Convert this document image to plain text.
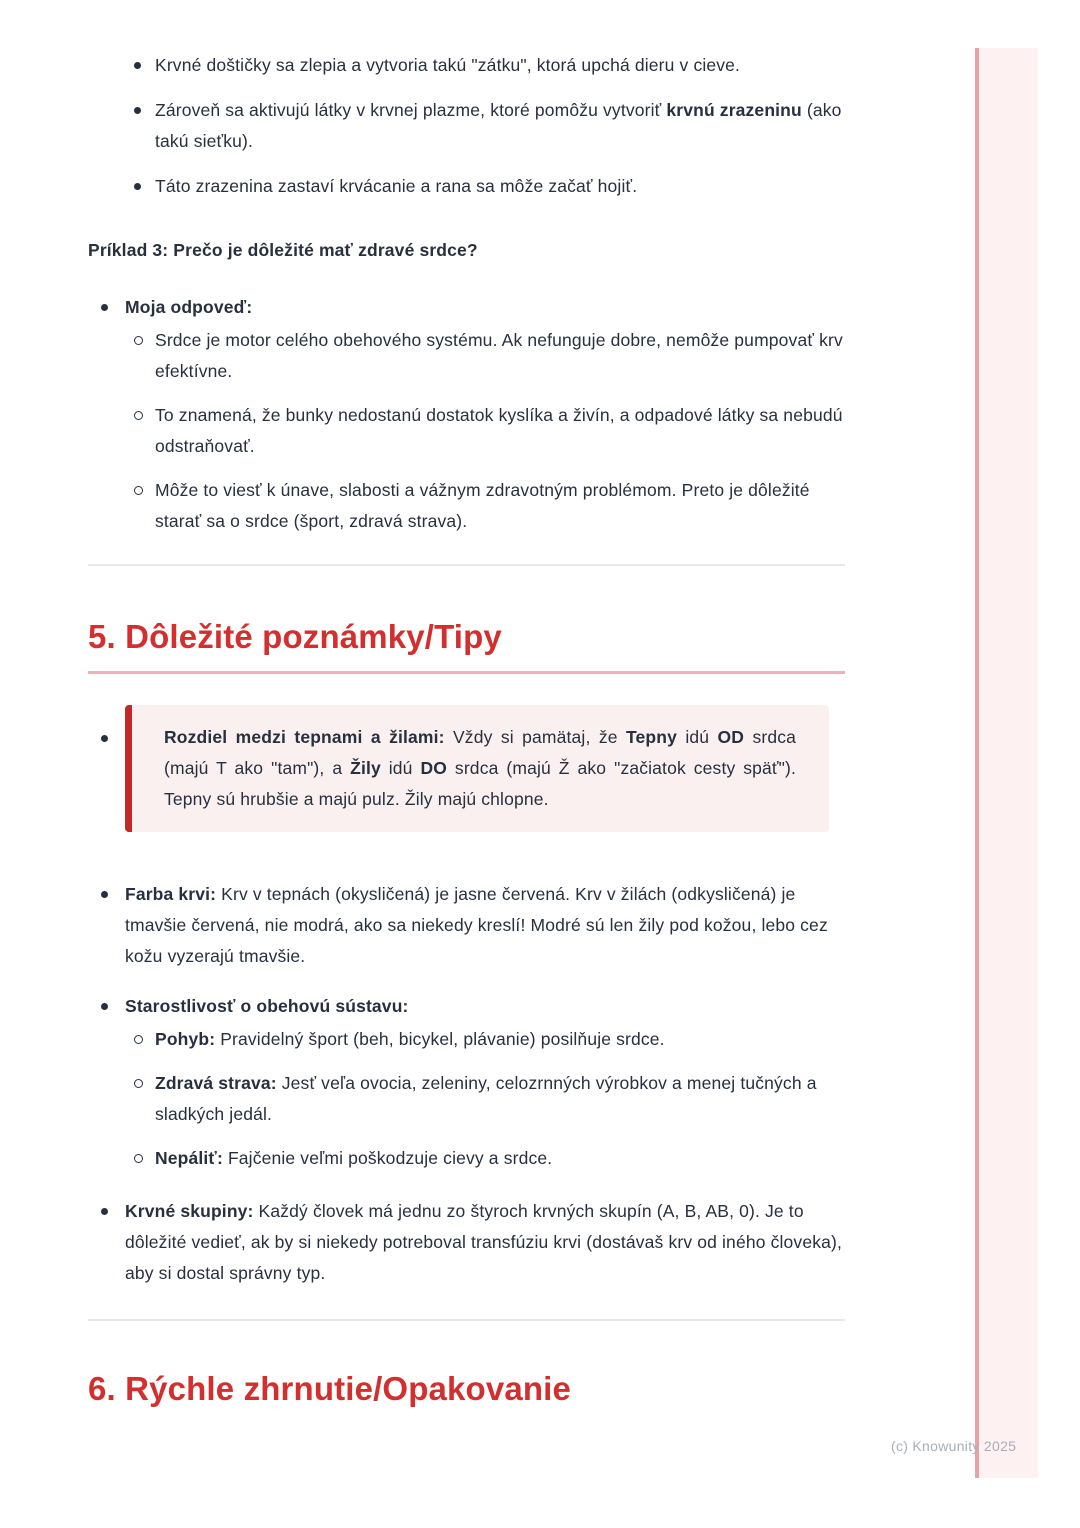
(c) Knowunity 2025
Krvné doštičky sa zlepia a vytvoria takú "zátku", ktorá upchá dieru v cieve.
Zároveň sa aktivujú látky v krvnej plazme, ktoré pomôžu vytvoriť krvnú zrazeninu (ako takú sieťku).
Táto zrazenina zastaví krvácanie a rana sa môže začať hojiť.

Príklad 3: Prečo je dôležité mať zdravé srdce?

Moja odpoveď:
Srdce je motor celého obehového systému. Ak nefunguje dobre, nemôže pumpovať krv efektívne.
To znamená, že bunky nedostanú dostatok kyslíka a živín, a odpadové látky sa nebudú odstraňovať.
Môže to viesť k únave, slabosti a vážnym zdravotným problémom. Preto je dôležité starať sa o srdce (šport, zdravá strava).
5. Dôležité poznámky/Tipy

Rozdiel medzi tepnami a žilami: Vždy si pamätaj, že Tepny idú OD srdca (majú T ako "tam"), a Žily idú DO srdca (majú Ž ako "začiatok cesty späť"). Tepny sú hrubšie a majú pulz. Žily majú chlopne.

Farba krvi: Krv v tepnách (okysličená) je jasne červená. Krv v žilách (odkysličená) je tmavšie červená, nie modrá, ako sa niekedy kreslí! Modré sú len žily pod kožou, lebo cez kožu vyzerajú tmavšie.
Starostlivosť o obehovú sústavu:
Pohyb: Pravidelný šport (beh, bicykel, plávanie) posilňuje srdce.
Zdravá strava: Jesť veľa ovocia, zeleniny, celozrnných výrobkov a menej tučných a sladkých jedál.
Nepáliť: Fajčenie veľmi poškodzuje cievy a srdce.
Krvné skupiny: Každý človek má jednu zo štyroch krvných skupín (A, B, AB, 0). Je to dôležité vedieť, ak by si niekedy potreboval transfúziu krvi (dostávaš krv od iného človeka), aby si dostal správny typ.
6. Rýchle zhrnutie/Opakovanie
